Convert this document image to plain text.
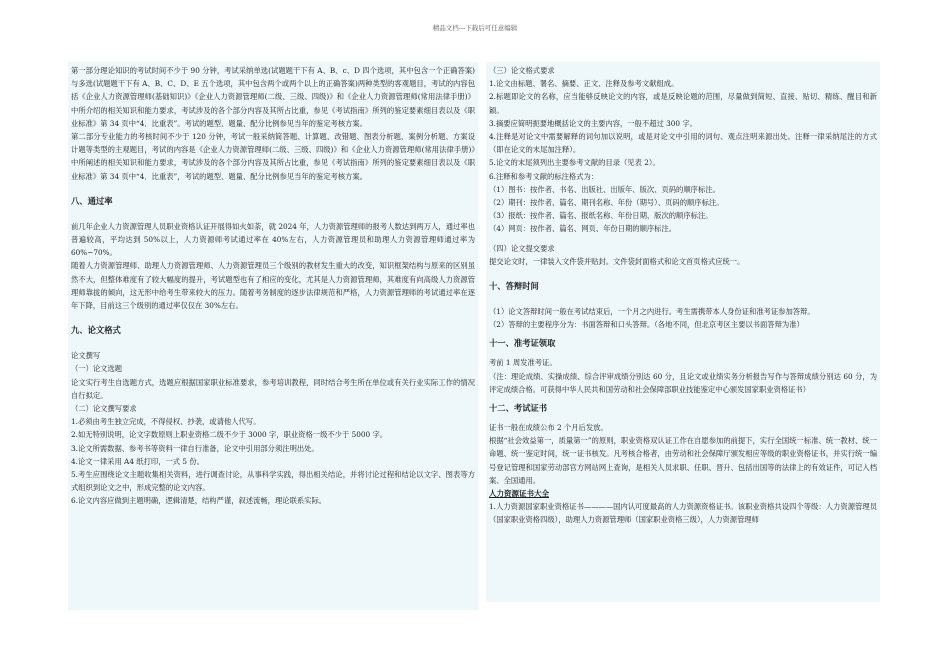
精品文档---下载后可任意编辑

第一部分理论知识的考试时间不少于 90 分钟，考试采纳单选(试题题干下有 A、B、c、D 四个选项，其中包含一个正确答案)与多选(试题题干下有 A、B、C、D、E 五个选项，其中包含两个或两个以上的正确答案)两种类型的客观题目，考试的内容包括《企业人力资源管理师(基础知识)》《企业人力资源管理师(二级、三级、四级)》和《企业人力资源管理师(常用法律手册)》中所介绍的相关知识和能力要求，考试涉及的各个部分内容及其所占比重，参见《考试指南》所列的鉴定要素细目表以及《职业标准》第 34 页中“4．比重表”。考试的题型、题量、配分比例参见当年的鉴定考核方案。

第二部分专业能力的考核时间不少于 120 分钟，考试一般采纳简答题、计算题、改错题、图表分析题、案例分析题、方案设计题等类型的主观题目，考试的内容是《企业人力资源管理师(二级、三级、四级)》和《企业人力资源管理师(常用法律手册)》中所阐述的相关知识和能力要求，考试涉及的各个部分内容及其所占比重，参见《考试指南》所列的鉴定要素细目表以及《职业标准》第 34 页中“4．比重表”，考试的题型、题量、配分比例参见当年的鉴定考核方案。

八、通过率

前几年企业人力资源管理人员职业资格认证开展得如火如荼，就 2024 年，人力资源管理师的报考人数达到两万人，通过率也普遍较高，平均达到 50%以上，人力资源师考试通过率在 40%左右，人力资源管理员和助理人力资源管理师通过率为 60%~70%。

随着人力资源管理师、助理人力资源管理师、人力资源管理员三个级别的教材发生重大的改变，知识框架结构与原来的区别虽然不大，但整体难度有了较大幅度的提升，考试题型也有了相应的变化，尤其是人力资源管理师，其难度有向高级人力资源管理师靠拢的倾向，这无形中给考生带来较大的压力。随着考务制度的逐步法律规范和严格，人力资源管理师的考试通过率在逐年下降，目前这三个级别的通过率仅仅在 30%左右。

九、论文格式

论文撰写

（一）论文选题

论文实行考生自选题方式，选题应根据国家职业标准要求，参考培训教程，同时结合考生所在单位或有关行业实际工作的情况自行拟定。

（二）论文撰写要求

1.必须由考生独立完成，不得侵权、抄袭，或请他人代写。

2.如无特别说明，论文字数原则上职业资格二级不少于 3000 字，职业资格一级不少于 5000 字。

3.论文所需数据、参考书等资料一律自行准备，论文中引用部分须注明出处。

4.论文一律采用 A4 纸打印，一式 5 份。

5.考生应围绕论文主题收集相关资料，进行调查讨论，从事科学实践，得出相关结论，并将讨论过程和结论以文字、图表等方式组织到论文之中，形成完整的论文内容。

6.论文内容应做到主题明确，逻辑清楚，结构严谨，叙述流畅，理论联系实际。

（三）论文格式要求

1.论文由标题、署名、摘要、正文、注释及参考文献组成。

2.标题即论文的名称，应当能够反映论文的内容，或是反映论题的范围，尽量做到简短、直接、贴切、精练、醒目和新颖。

3.摘要应简明扼要地概括论文的主要内容，一般不超过 300 字。

4.注释是对论文中需要解释的词句加以说明，或是对论文中引用的词句、观点注明来源出处。注释一律采纳尾注的方式（即在论文的末尾加注释）。

5.论文的末尾须列出主要参考文献的目录（见表 2）。

6.注释和参考文献的标注格式为：

（1）图书：按作者、书名、出版社、出版年、版次、页码的顺序标注。

（2）期刊：按作者、篇名、期刊名称、年份（期号）、页码的顺序标注。

（3）报纸：按作者、篇名、报纸名称、年份日期、版次的顺序标注。

（4）网页：按作者、篇名、网页、年份日期的顺序标注。

（四）论文提交要求

提交论文时，一律装入文件袋并贴封。文件袋封面格式和论文首页格式应统一。

十、答辩时间

（1）论文答辩时间一般在考试结束后，一个月之内进行。考生需携带本人身份证和准考证参加答辩。

（2）答辩的主要程序分为：书面答辩和口头答辩。（各地不同，但北京考区主要以书面答辩为准）

十一、准考证领取

考前 1 周发准考证。

（注：理论成绩、实操成绩、综合评审成绩分别达 60 分，且论文或业绩实务分析报告写作与答辩成绩分别达 60 分，为评定成绩合格。可获得中华人民共和国劳动和社会保障部职业技能鉴定中心颁发国家职业资格证书）

十二、考试证书

证书一般在成绩公布 2 个月后发放。

根据“社会效益第一，质量第一”的原则，职业资格双认证工作在自愿参加的前提下，实行全国统一标准、统一教材、统一命题、统一鉴定时间，统一证书核发。凡考核合格者，由劳动和社会保障厅颁发相应等级的职业资格证书，并实行统一编号登记管理和国家劳动部官方网站网上查询，是相关人员求职、任职、晋升、包括出国等的法律上的有效证件，可记入档案、全国通用。

人力资源证书大全

1.人力资源国家职业资格证书————国内认可度最高的人力资源资格证书。该职业资格共设四个等级：人力资源管理员（国家职业资格四级），助理人力资源管理师（国家职业资格三级），人力资源管理师
